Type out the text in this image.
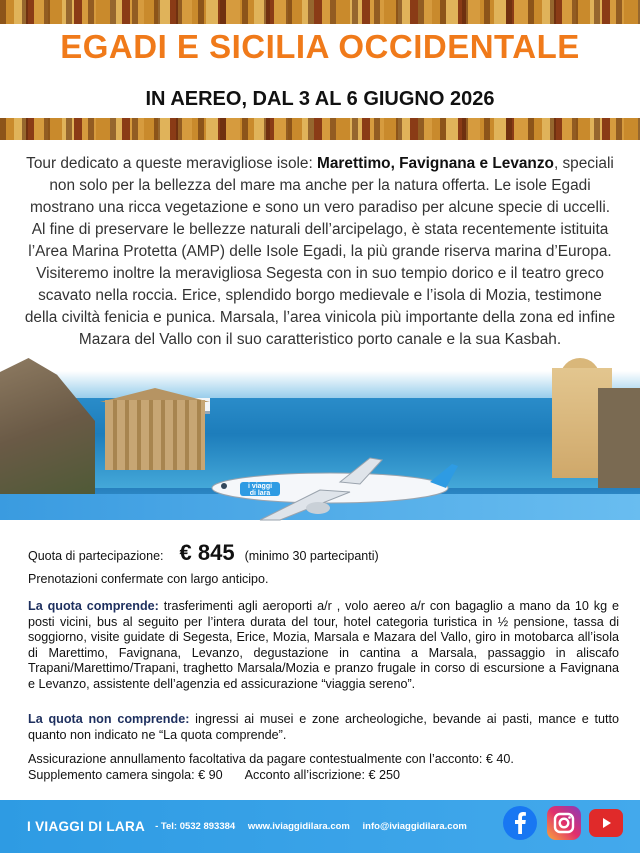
EGADI E SICILIA OCCIDENTALE
IN AEREO, DAL 3 AL 6 GIUGNO 2026
Tour dedicato a queste meravigliose isole: Marettimo, Favignana e Levanzo, speciali non solo per la bellezza del mare ma anche per la natura offerta. Le isole Egadi mostrano una ricca vegetazione e sono un vero paradiso per alcune specie di uccelli. Al fine di preservare le bellezze naturali dell’arcipelago, è stata recentemente istituita l’Area Marina Protetta (AMP) delle Isole Egadi, la più grande riserva marina d’Europa. Visiteremo inoltre la meravigliosa Segesta con in suo tempio dorico e il teatro greco scavato nella roccia. Erice, splendido borgo medievale e l’isola di Mozia, testimone della civiltà fenicia e punica. Marsala, l’area vinicola più importante della zona ed infine Mazara del Vallo con il suo caratteristico porto canale e la sua Kasbah.
i viaggi
di lara
Quota di partecipazione: € 845 (minimo 30 partecipanti)
Prenotazioni confermate con largo anticipo.
La quota comprende: trasferimenti agli aeroporti a/r , volo aereo a/r con bagaglio a mano da 10 kg e posti vicini, bus al seguito per l’intera durata del tour, hotel categoria turistica in ½ pensione, tassa di soggiorno, visite guidate di Segesta, Erice, Mozia, Marsala e Mazara del Vallo, giro in motobarca all’isola di Marettimo, Favignana, Levanzo, degustazione in cantina a Marsala, passaggio in aliscafo Trapani/Marettimo/Trapani, traghetto Marsala/Mozia e pranzo frugale in corso di escursione a Favignana e Levanzo, assistente dell’agenzia ed assicurazione “viaggia sereno”.
La quota non comprende: ingressi ai musei e zone archeologiche, bevande ai pasti, mance e tutto quanto non indicato ne “La quota comprende”.
Assicurazione annullamento facoltativa da pagare contestualmente con l’acconto: € 40.
Supplemento camera singola: € 90 Acconto all’iscrizione: € 250
I VIAGGI DI LARA - Tel: 0532 893384 www.iviaggidilara.com info@iviaggidilara.com
